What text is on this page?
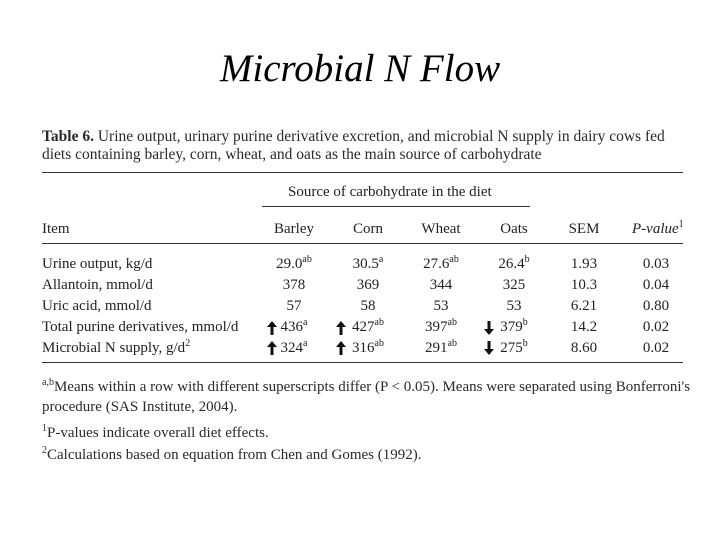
Microbial N Flow
Table 6. Urine output, urinary purine derivative excretion, and microbial N supply in dairy cows fed diets containing barley, corn, wheat, and oats as the main source of carbohydrate
Source of carbohydrate in the diet
Item	Barley	Corn	Wheat	Oats	SEM	P-value$^1$
Urine output, kg/d	29.0$^{ab}$	30.5$^a$	27.6$^{ab}$	26.4$^b$	1.93	0.03
Allantoin, mmol/d	378	369	344	325	10.3	0.04
Uric acid, mmol/d	57	58	53	53	6.21	0.80
Total purine derivatives, mmol/d	436$^a$	$427^{ab}$	$397^{ab}$	379$^b$	14.2	0.02
Microbial N supply, $g/d^2$	324$^a$	$316^{ab}$	$291^{ab}$	275$^b$	8.60	0.02
$^{a,b}$Means within a row with different superscripts differ (P < 0.05). Means were separated using Bonferroni's
procedure (SAS Institute, 2004).
$^1$P-values indicate overall diet effects.
$^2$Calculations based on equation from Chen and Gomes (1992).
